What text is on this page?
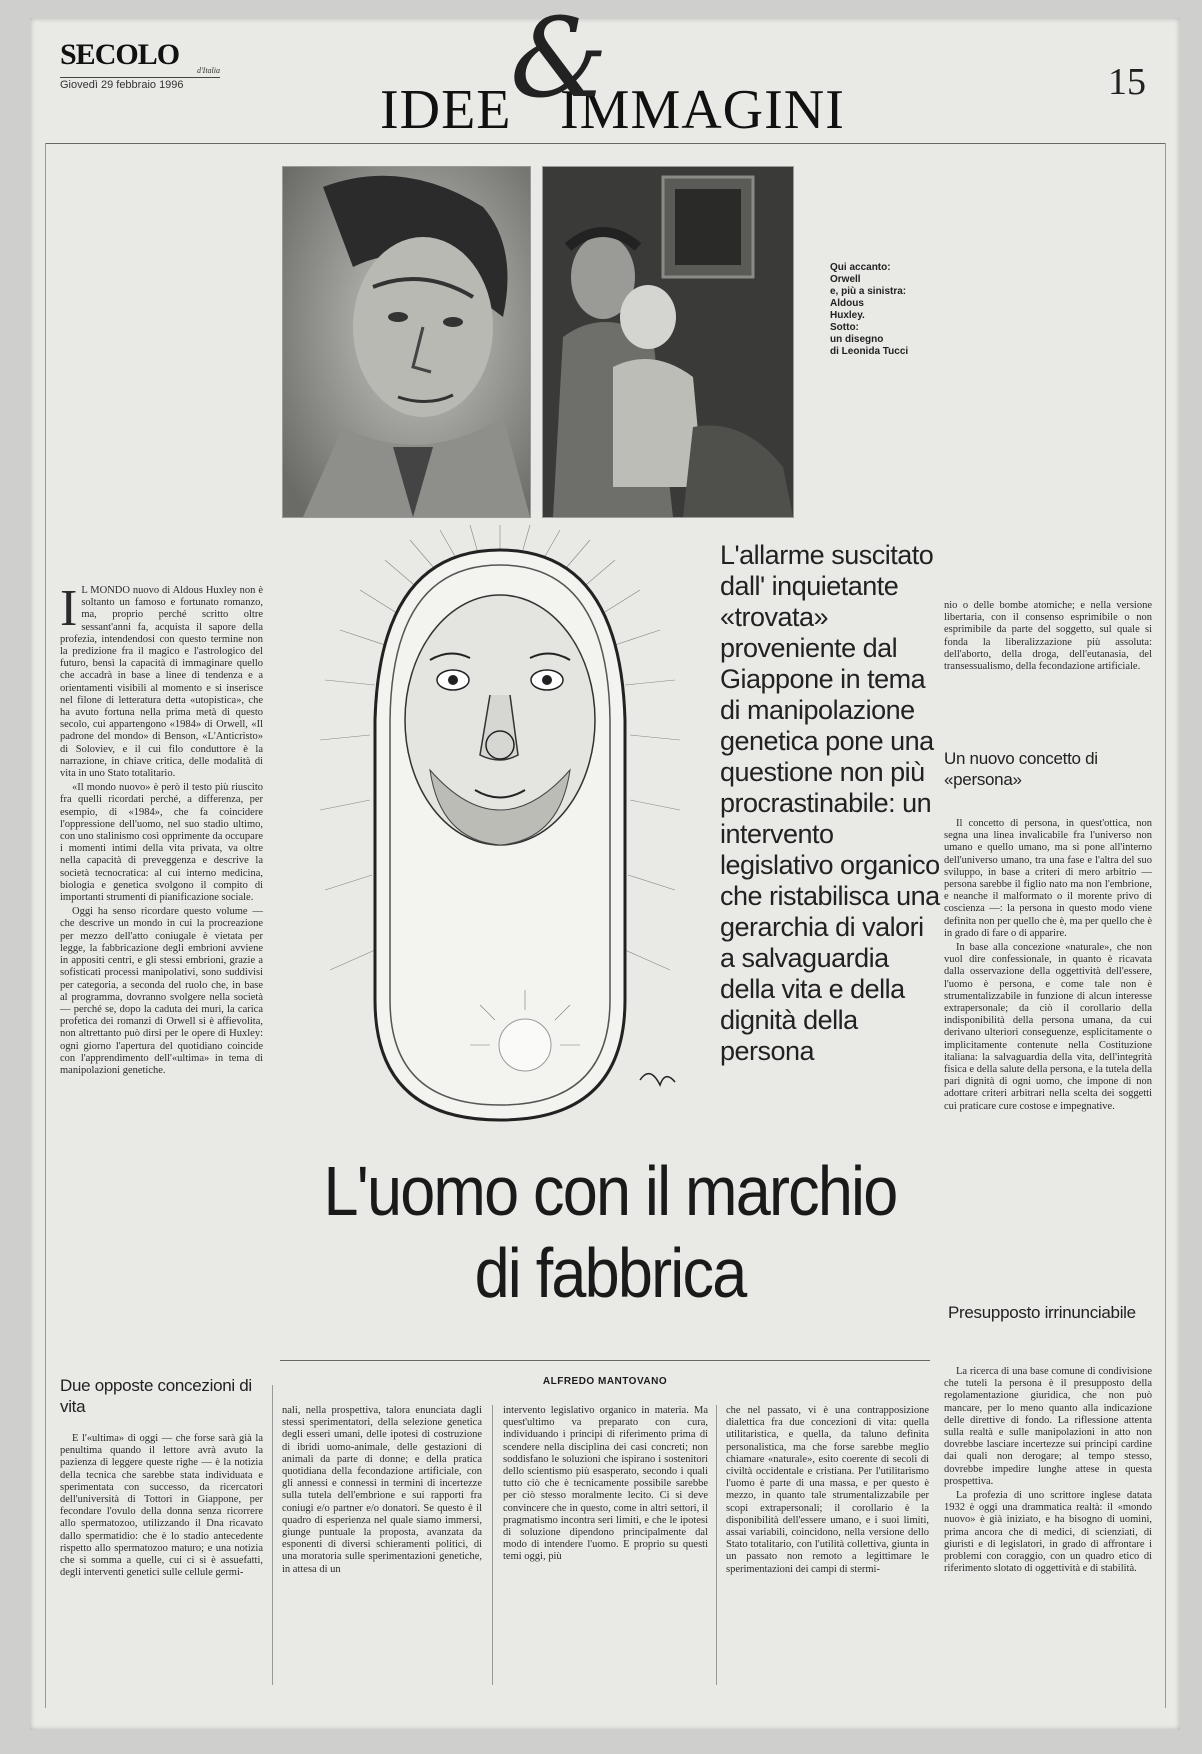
SECOLO	d'Italia
Giovedì 29 febbraio 1996	IDEE
&
IMMAGINI	15
Qui accanto:
Orwell
e, più a sinistra:
Aldous
Huxley.
Sotto:
un disegno
di Leonida Tucci
L'allarme suscitato dall' inquietante «trovata» proveniente dal Giappone in tema di manipolazione genetica pone una questione non più procrastinabile: un intervento legislativo organico che ristabilisca una gerarchia di valori a salvaguardia della vita e della dignità della persona
L'uomo con il marchio
di fabbrica
ALFREDO MANTOVANO

I L MONDO nuovo di Aldous Huxley non è soltanto un famoso e fortunato romanzo, ma, proprio perché scritto oltre sessant'anni fa, acquista il sapore della profezia, intendendosi con questo termine non la predizione fra il magico e l'astrologico del futuro, bensì la capacità di immaginare quello che accadrà in base a linee di tendenza e a orientamenti visibili al momento e si inserisce nel filone di letteratura detta «utopistica», che ha avuto fortuna nella prima metà di questo secolo, cui appartengono «1984» di Orwell, «Il padrone del mondo» di Benson, «L'Anticristo» di Soloviev, e il cui filo conduttore è la narrazione, in chiave critica, delle modalità di vita in uno Stato totalitario.

«Il mondo nuovo» è però il testo più riuscito fra quelli ricordati perché, a differenza, per esempio, di «1984», che fa coincidere l'oppressione dell'uomo, nel suo stadio ultimo, con uno stalinismo così opprimente da occupare i momenti intimi della vita privata, va oltre nella capacità di preveggenza e descrive la società tecnocratica: al cui interno medicina, biologia e genetica svolgono il compito di importanti strumenti di pianificazione sociale.

Oggi ha senso ricordare questo volume — che descrive un mondo in cui la procreazione per mezzo dell'atto coniugale è vietata per legge, la fabbricazione degli embrioni avviene in appositi centri, e gli stessi embrioni, grazie a sofisticati processi manipolativi, sono suddivisi per categoria, a seconda del ruolo che, in base al programma, dovranno svolgere nella società — perché se, dopo la caduta dei muri, la carica profetica dei romanzi di Orwell si è affievolita, non altrettanto può dirsi per le opere di Huxley: ogni giorno l'apertura del quotidiano coincide con l'apprendimento dell'«ultima» in tema di manipolazioni genetiche.

Due opposte concezioni di vita

E l'«ultima» di oggi — che forse sarà già la penultima quando il lettore avrà avuto la pazienza di leggere queste righe — è la notizia della tecnica che sarebbe stata individuata e sperimentata con successo, da ricercatori dell'università di Tottori in Giappone, per fecondare l'ovulo della donna senza ricorrere allo spermatozoo, utilizzando il Dna ricavato dallo spermatidio: che è lo stadio antecedente rispetto allo spermatozoo maturo; e una notizia che si somma a quelle, cui ci si è assuefatti, degli interventi genetici sulle cellule germi-

nali, nella prospettiva, talora enunciata dagli stessi sperimentatori, della selezione genetica degli esseri umani, delle ipotesi di costruzione di ibridi uomo-animale, delle gestazioni di animali da parte di donne; e della pratica quotidiana della fecondazione artificiale, con gli annessi e connessi in termini di incertezze sulla tutela dell'embrione e sui rapporti fra coniugi e/o partner e/o donatori. Se questo è il quadro di esperienza nel quale siamo immersi, giunge puntuale la proposta, avanzata da esponenti di diversi schieramenti politici, di una moratoria sulle sperimentazioni genetiche, in attesa di un

intervento legislativo organico in materia. Ma quest'ultimo va preparato con cura, individuando i principi di riferimento prima di scendere nella disciplina dei casi concreti; non soddisfano le soluzioni che ispirano i sostenitori dello scientismo più esasperato, secondo i quali tutto ciò che è tecnicamente possibile sarebbe per ciò stesso moralmente lecito. Ci si deve convincere che in questo, come in altri settori, il pragmatismo incontra seri limiti, e che le ipotesi di soluzione dipendono principalmente dal modo di intendere l'uomo. E proprio su questi temi oggi, più

che nel passato, vi è una contrapposizione dialettica fra due concezioni di vita: quella utilitaristica, e quella, da taluno definita personalistica, ma che forse sarebbe meglio chiamare «naturale», esito coerente di secoli di civiltà occidentale e cristiana. Per l'utilitarismo l'uomo è parte di una massa, e per questo è mezzo, in quanto tale strumentalizzabile per scopi extrapersonali; il corollario è la disponibilità dell'essere umano, e i suoi limiti, assai variabili, coincidono, nella versione dello Stato totalitario, con l'utilità collettiva, giunta in un passato non remoto a legittimare le sperimentazioni dei campi di stermi-

nio o delle bombe atomiche; e nella versione libertaria, con il consenso esprimibile o non esprimibile da parte del soggetto, sul quale si fonda la liberalizzazione più assoluta: dell'aborto, della droga, dell'eutanasia, del transessualismo, della fecondazione artificiale.

Un nuovo concetto di «persona»

Il concetto di persona, in quest'ottica, non segna una linea invalicabile fra l'universo non umano e quello umano, ma si pone all'interno dell'universo umano, tra una fase e l'altra del suo sviluppo, in base a criteri di mero arbitrio — persona sarebbe il figlio nato ma non l'embrione, e neanche il malformato o il morente privo di coscienza —: la persona in questo modo viene definita non per quello che è, ma per quello che è in grado di fare o di apparire.

In base alla concezione «naturale», che non vuol dire confessionale, in quanto è ricavata dalla osservazione della oggettività dell'essere, l'uomo è persona, e come tale non è strumentalizzabile in funzione di alcun interesse extrapersonale; da ciò il corollario della indisponibilità della persona umana, da cui derivano ulteriori conseguenze, esplicitamente o implicitamente contenute nella Costituzione italiana: la salvaguardia della vita, dell'integrità fisica e della salute della persona, e la tutela della pari dignità di ogni uomo, che impone di non adottare criteri arbitrari nella scelta dei soggetti cui praticare cure costose e impegnative.

Presupposto irrinunciabile

La ricerca di una base comune di condivisione che tuteli la persona è il presupposto della regolamentazione giuridica, che non può mancare, per lo meno quanto alla indicazione delle direttive di fondo. La riflessione attenta sulla realtà e sulle manipolazioni in atto non dovrebbe lasciare incertezze sui principi cardine dai quali non derogare; al tempo stesso, dovrebbe impedire lunghe attese in questa prospettiva.

La profezia di uno scrittore inglese datata 1932 è oggi una drammatica realtà: il «mondo nuovo» è già iniziato, e ha bisogno di uomini, prima ancora che di medici, di scienziati, di giuristi e di legislatori, in grado di affrontare i problemi con coraggio, con un quadro etico di riferimento slotato di oggettività e di stabilità.
